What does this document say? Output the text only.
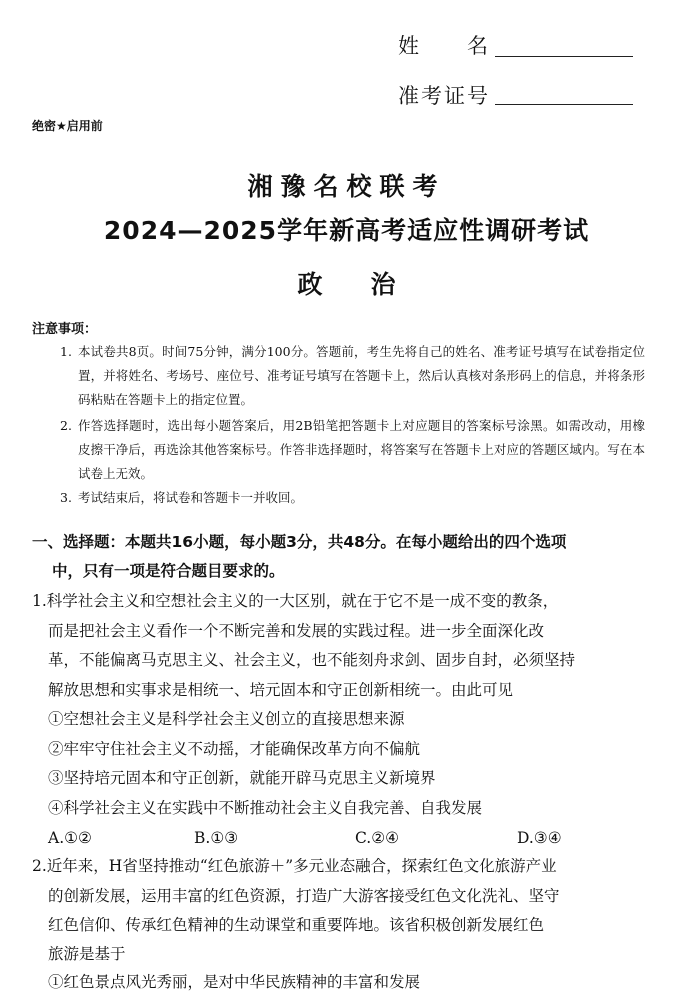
姓　　名
准考证号
绝密★启用前
湘豫名校联考
2024—2025学年新高考适应性调研考试
政治
注意事项：
1. 本试卷共8页。时间75分钟，满分100分。答题前，考生先将自己的姓名、准考证号填写在试卷指定位置，并将姓名、考场号、座位号、准考证号填写在答题卡上，然后认真核对条形码上的信息，并将条形码粘贴在答题卡上的指定位置。
2. 作答选择题时，选出每小题答案后，用2B铅笔把答题卡上对应题目的答案标号涂黑。如需改动，用橡皮擦干净后，再选涂其他答案标号。作答非选择题时，将答案写在答题卡上对应的答题区域内。写在本试卷上无效。
3. 考试结束后，将试卷和答题卡一并收回。
一、选择题：本题共16小题，每小题3分，共48分。在每小题给出的四个选项
中，只有一项是符合题目要求的。
1.科学社会主义和空想社会主义的一大区别，就在于它不是一成不变的教条，
而是把社会主义看作一个不断完善和发展的实践过程。进一步全面深化改
革，不能偏离马克思主义、社会主义，也不能刻舟求剑、固步自封，必须坚持
解放思想和实事求是相统一、培元固本和守正创新相统一。由此可见
①空想社会主义是科学社会主义创立的直接思想来源
②牢牢守住社会主义不动摇，才能确保改革方向不偏航
③坚持培元固本和守正创新，就能开辟马克思主义新境界
④科学社会主义在实践中不断推动社会主义自我完善、自我发展
A.①②	B.①③	C.②④	D.③④
2.近年来，H省坚持推动“红色旅游＋”多元业态融合，探索红色文化旅游产业
的创新发展，运用丰富的红色资源，打造广大游客接受红色文化洗礼、坚守
红色信仰、传承红色精神的生动课堂和重要阵地。该省积极创新发展红色
旅游是基于
①红色景点风光秀丽，是对中华民族精神的丰富和发展
